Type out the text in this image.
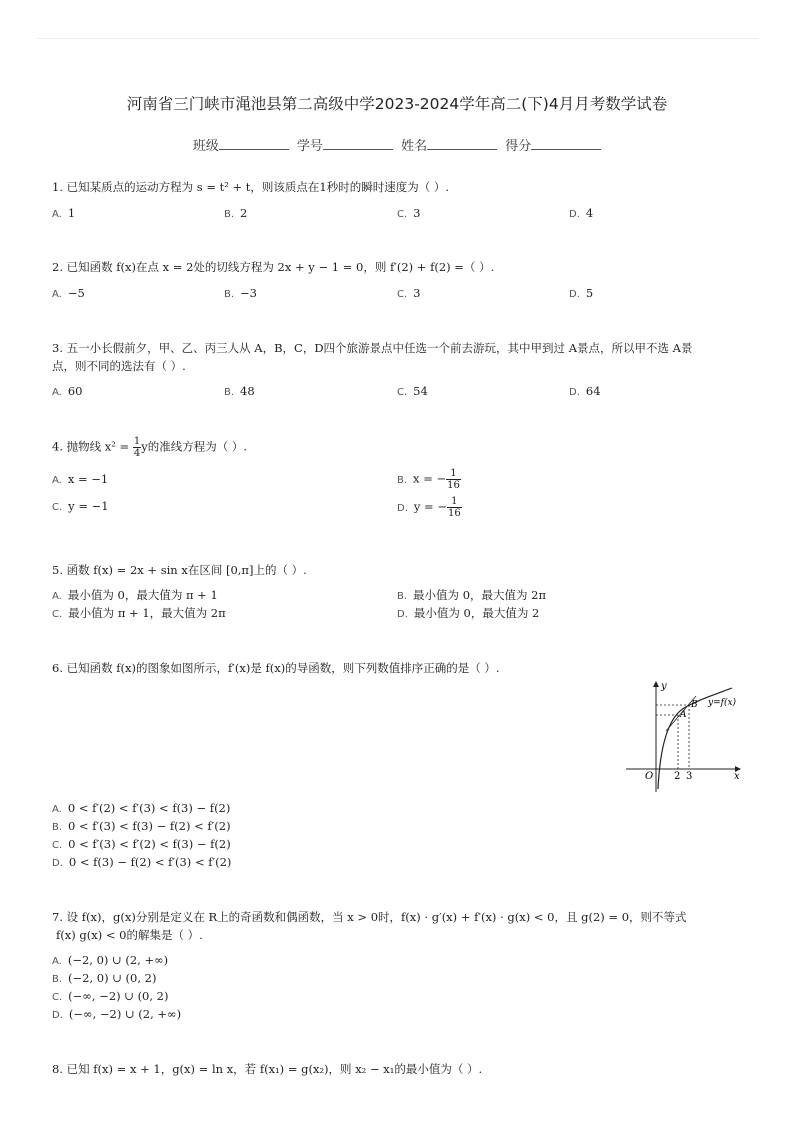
河南省三门峡市渑池县第二高级中学2023-2024学年高二(下)4月月考数学试卷
班级	学号	姓名	得分
1. 已知某质点的运动方程为 s = t² + t，则该质点在1秒时的瞬时速度为（ ）.
A. 1	B. 2	C. 3	D. 4
2. 已知函数 f(x)在点 x = 2处的切线方程为 2x + y − 1 = 0，则 f′(2) + f(2) =（ ）.
A. −5	B. −3	C. 3	D. 5
3. 五一小长假前夕，甲、乙、丙三人从 A，B，C，D四个旅游景点中任选一个前去游玩，其中甲到过 A景点，所以甲不选 A景
点，则不同的选法有（ ）.
A. 60	B. 48	C. 54	D. 64
4. 抛物线 $x^2 = \frac{1}{4}$ y的准线方程为（ ）.
A. x = −1	B. x = − $\frac{1}{16}$
C. y = −1	D. y = − $\frac{1}{16}$
5. 函数 f(x) = 2x + sin x在区间 [0,π]上的（ ）.
A. 最小值为 0，最大值为 π + 1	B. 最小值为 0，最大值为 2π
C. 最小值为 π + 1，最大值为 2π	D. 最小值为 0，最大值为 2
6. 已知函数 f(x)的图象如图所示，f′(x)是 f(x)的导函数，则下列数值排序正确的是（ ）.
y
x
O 2 3
A
B y=f(x)
A. 0 < f′(2) < f′(3) < f(3) − f(2)
B. 0 < f′(3) < f(3) − f(2) < f′(2)
C. 0 < f′(3) < f′(2) < f(3) − f(2)
D. 0 < f(3) − f(2) < f′(3) < f′(2)
7. 设 f(x)，g(x)分别是定义在 R上的奇函数和偶函数，当 x > 0时，f(x) · g′(x) + f′(x) · g(x) < 0，且 g(2) = 0，则不等式
f(x) g(x) < 0的解集是（ ）.
A. (−2, 0) ∪ (2, +∞)
B. (−2, 0) ∪ (0, 2)
C. (−∞, −2) ∪ (0, 2)
D. (−∞, −2) ∪ (2, +∞)
8. 已知 f(x) = x + 1，g(x) = ln x，若 f(x₁) = g(x₂)，则 x₂ − x₁的最小值为（ ）.
